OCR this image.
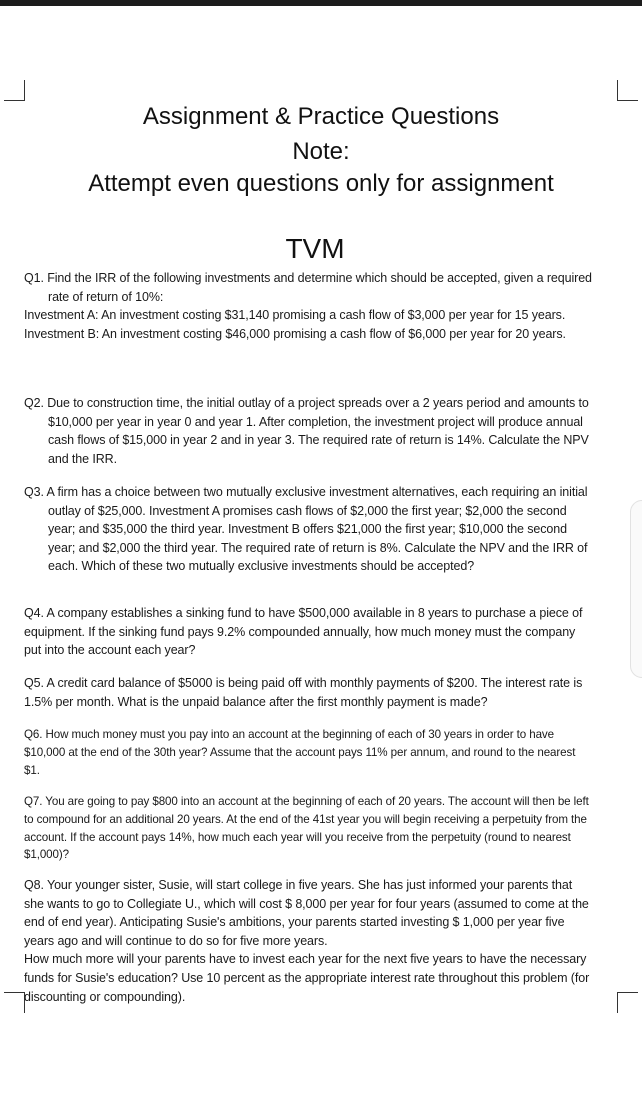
Assignment & Practice Questions
Note:
Attempt even questions only for assignment
TVM

Q1. Find the IRR of the following investments and determine which should be accepted, given a required rate of return of 10%:

Investment A: An investment costing $31,140 promising a cash flow of $3,000 per year for 15 years.

Investment B: An investment costing $46,000 promising a cash flow of $6,000 per year for 20 years.

Q2. Due to construction time, the initial outlay of a project spreads over a 2 years period and amounts to $10,000 per year in year 0 and year 1. After completion, the investment project will produce annual cash flows of $15,000 in year 2 and in year 3. The required rate of return is 14%. Calculate the NPV and the IRR.

Q3. A firm has a choice between two mutually exclusive investment alternatives, each requiring an initial outlay of $25,000. Investment A promises cash flows of $2,000 the first year; $2,000 the second year; and $35,000 the third year. Investment B offers $21,000 the first year; $10,000 the second year; and $2,000 the third year. The required rate of return is 8%. Calculate the NPV and the IRR of each. Which of these two mutually exclusive investments should be accepted?

Q4. A company establishes a sinking fund to have $500,000 available in 8 years to purchase a piece of equipment. If the sinking fund pays 9.2% compounded annually, how much money must the company put into the account each year?

Q5. A credit card balance of $5000 is being paid off with monthly payments of $200. The interest rate is 1.5% per month. What is the unpaid balance after the first monthly payment is made?

Q6. How much money must you pay into an account at the beginning of each of 30 years in order to have $10,000 at the end of the 30th year? Assume that the account pays 11% per annum, and round to the nearest $1.

Q7. You are going to pay $800 into an account at the beginning of each of 20 years. The account will then be left to compound for an additional 20 years. At the end of the 41st year you will begin receiving a perpetuity from the account. If the account pays 14%, how much each year will you receive from the perpetuity (round to nearest $1,000)?

Q8. Your younger sister, Susie, will start college in five years. She has just informed your parents that she wants to go to Collegiate U., which will cost $ 8,000 per year for four years (assumed to come at the end of end year). Anticipating Susie's ambitions, your parents started investing $ 1,000 per year five years ago and will continue to do so for five more years.

How much more will your parents have to invest each year for the next five years to have the necessary funds for Susie's education? Use 10 percent as the appropriate interest rate throughout this problem (for discounting or compounding).
